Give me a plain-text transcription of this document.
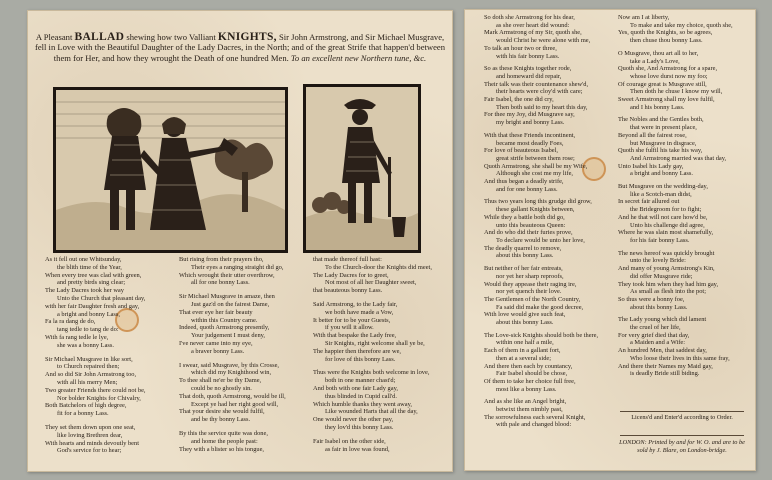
A Pleasant BALLAD shewing how two Valliant KNIGHTS, Sir John Armstrong, and Sir Michael Musgrave, fell in Love with the Beautiful Daughter of the Lady Dacres, in the North; and of the great Strife that happen'd between them for Her, and how they wrought the Death of one hundred Men. To an excellent new Northern tune, &c.
As it fell out one Whitsunday,
the blith time of the Year,
When every tree was clad with green,
and pretty birds sing clear;
The Lady Dacres took her way
Unto the Church that pleasant day,
with her fair Daughter fresh and gay,
a bright and bonny Lass,
Fa la ra dang de do,
tang tedle to tang de do:
With fa rang tedle le lye,
she was a bonny Lass.
Sir Michael Musgrave in like sort,
to Church repaired then;
And so did Sir John Armstrong too,
with all his merry Men;
Two greater Friends there could not be,
Nor bolder Knights for Chivalry,
Both Batchelors of high degree,
fit for a bonny Lass.
They set them down upon one seat,
like loving Brethren dear,
With hearts and minds devoutly bent
God's service for to hear;
But rising from their prayers tho,
Their eyes a ranging straight did go,
Which wrought their utter overthrow,
all for one bonny Lass.
Sir Michael Musgrave in amaze, then
Just gaz'd on the fairest Dame,
That ever eye her fair beauty
within this Country came.
Indeed, quoth Armstrong presently,
Your judgement I must deny,
I've never came into my eye,
a braver bonny Lass.
I swear, said Musgrave, by this Crosse,
which did my Knighthood win,
To thee shall ne'er be thy Dame,
could be no ghostly sin.
That doth, quoth Armstrong, would be ill,
Except ye had her right good will,
That your desire she would fulfil,
and be thy bonny Lass.
By this the service quite was done,
and home the people past:
They with a blister so his tongue,
that made thereof full hast:
To the Church-door the Knights did meet,
The Lady Dacres for to greet,
Not most of all her Daughter sweet,
that beauteous bonny Lass.
Said Armstrong, to the Lady fair,
we both have made a Vow,
It better for to be your Guests,
if you will it allow.
With that bespake the Lady free,
Sir Knights, right welcome shall ye be,
The happier then therefore are we,
for love of this bonny Lass.
Thus were the Knights both welcome in love,
both in one manner chast'd;
And both with one fair Lady gay,
thus blinded in Cupid call'd.
Which humble thanks they went away,
Like wounded Harts that all the day,
One would never the other pay,
they lov'd this bonny Lass.
Fair Isabel on the other side,
as fair in love was found,
So doth she Armstrong for his dear,
as she over heart did wound:
Mark Armstrong of my Sir, quoth she,
would Christ he were alone with me,
To talk an hour two or three,
with his fair bonny Lass.
So as these Knights together rode,
and homeward did repair,
Their talk was their countenance shew'd,
their hearts were cloy'd with care;
Fair Isabel, the one did cry,
Then both said to my heart this day,
For thee my Joy, did Musgrave say,
my bright and bonny Lass.
With that these Friends incontinent,
became most deadly Foes,
For love of beauteous Isabel,
great strife between them rose;
Quoth Armstrong, she shall be my Wife,
Although she cost me my life,
And thus began a deadly strife,
and for one bonny Lass.
Thus two years long this grudge did grow,
these gallant Knights between,
While they a battle both did go,
unto this beauteous Queen:
And do who did their furies prove,
To declare would be unto her love,
The deadly quarrel to remove,
about this bonny Lass.
But neither of her fair entreats,
nor yet her sharp reproofs,
Would they appease their raging ire,
nor yet quench their love.
The Gentlemen of the North Country,
Fa said did make the good decree,
With love would give such feat,
about this bonny Lass.
The Love-sick Knights should both be there,
within one half a mile,
Each of them in a gallant fort,
then at a several side;
And there then each by countancy,
Fair Isabel should be chose,
Of them to take her choice full free,
most like a bonny Lass.
And as she like an Angel bright,
betwixt them nimbly past,
The sorrowfulness each several Knight,
with pale and changed blood:
Now am I at liberty,
To make and take my choice, quoth she,
Yes, quoth the Knights, so be agrees,
then chuse thou bonny Lass.
O Musgrave, thou art all to her,
take a Lady's Love,
Quoth she, And Armstrong for a spare,
whose love durst now my foo;
Of courage great is Musgrave still,
Then doth he chuse I know my will,
Sweet Armstrong shall my love fulfil,
and I his bonny Lass.
The Nobles and the Gentles both,
that were in present place,
Beyond all the fairest rose,
but Musgrave in disgrace,
Quoth she fulfil his take his way,
And Armstrong married was that day,
Unto Isabel his Lady gay,
a bright and bonny Lass.
But Musgrave on the wedding-day,
like a Scotch-man didst,
In secret fair allured out
the Bridegroom for to fight;
And he that will not care how'd be,
Unto his challenge did agree,
Where he was slain most shamefully,
for his fair bonny Lass.
The news hereof was quickly brought
unto the lovely Bride:
And many of young Armstrong's Kin,
did offer Musgrave ride;
They took him when they had him gay,
As small as flesh into the pot;
So thus were a bonny foe,
about this bonny Lass.
The Lady young which did lament
the cruel of her life,
For very grief died that day,
a Maiden and a Wife:
An hundred Men, that saddest day,
Who loose their lives in this same fray,
And there their Names my Maid gay,
is deadly Bride still biding.
Licens'd and Enter'd according to Order.
LONDON: Printed by and for W. O. and are to be sold by J. Blare, on London-bridge.
